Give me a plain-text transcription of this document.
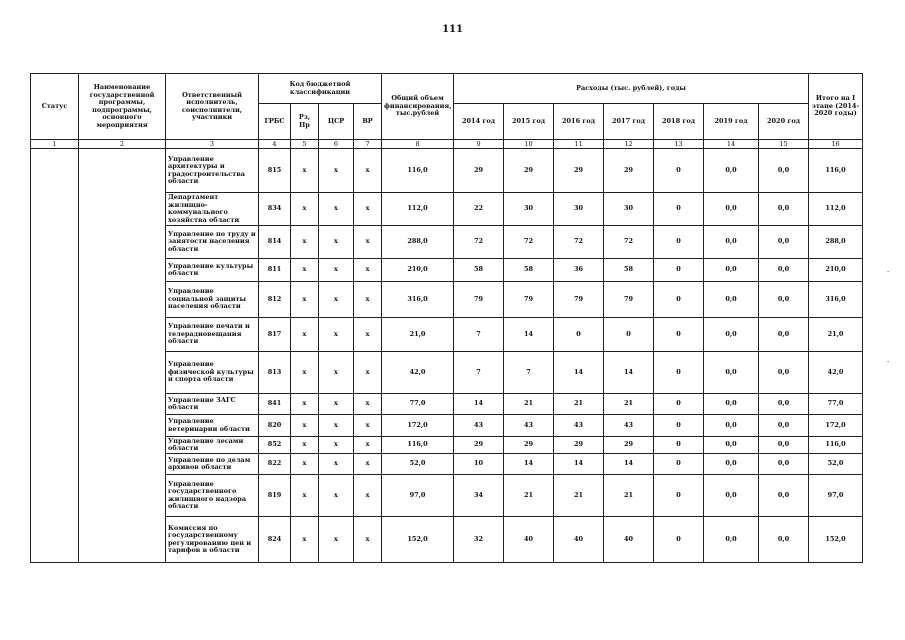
111
Статус	Наименование государственной программы, подпрограммы, основного мероприятия	Ответственный исполнитель, соисполнители, участники	Код бюджетной классификации				Общий объем финансирования, тыс.рублей	Расходы (тыс. рублей), годы							Итого на I этапе (2014-2020 годы)
			ГРБС	Рз, Пр	ЦСР	ВР		2014 год	2015 год	2016 год	2017 год	2018 год	2019 год	2020 год	
1	2	3	4	5	6	7	8	9	10	11	12	13	14	15	16
		Управление архитектуры и градостроительства области	815	х	х	х	116,0	29	29	29	29	0	0,0	0,0	116,0
		Департамент жилищно-коммунального хозяйства области	834	х	х	х	112,0	22	30	30	30	0	0,0	0,0	112,0
		Управление по труду и занятости населения области	814	х	х	х	288,0	72	72	72	72	0	0,0	0,0	288,0
		Управление культуры области	811	х	х	х	210,0	58	58	36	58	0	0,0	0,0	210,0
		Управление социальной защиты населения области	812	х	х	х	316,0	79	79	79	79	0	0,0	0,0	316,0
		Управление печати и телерадиовещания области	817	х	х	х	21,0	7	14	0	0	0	0,0	0,0	21,0
		Управление физической культуры и спорта области	813	х	х	х	42,0	7	7	14	14	0	0,0	0,0	42,0
		Управление ЗАГС области	841	х	х	х	77,0	14	21	21	21	0	0,0	0,0	77,0
		Управление ветеринарии области	820	х	х	х	172,0	43	43	43	43	0	0,0	0,0	172,0
		Управление лесами области	852	х	х	х	116,0	29	29	29	29	0	0,0	0,0	116,0
		Управление по делам архивов области	822	х	х	х	52,0	10	14	14	14	0	0,0	0,0	52,0
		Управление государственного жилищного надзора области	819	х	х	х	97,0	34	21	21	21	0	0,0	0,0	97,0
		Комиссия по государственному регулированию цен и тарифов в области	824	х	х	х	152,0	32	40	40	40	0	0,0	0,0	152,0
-
-
